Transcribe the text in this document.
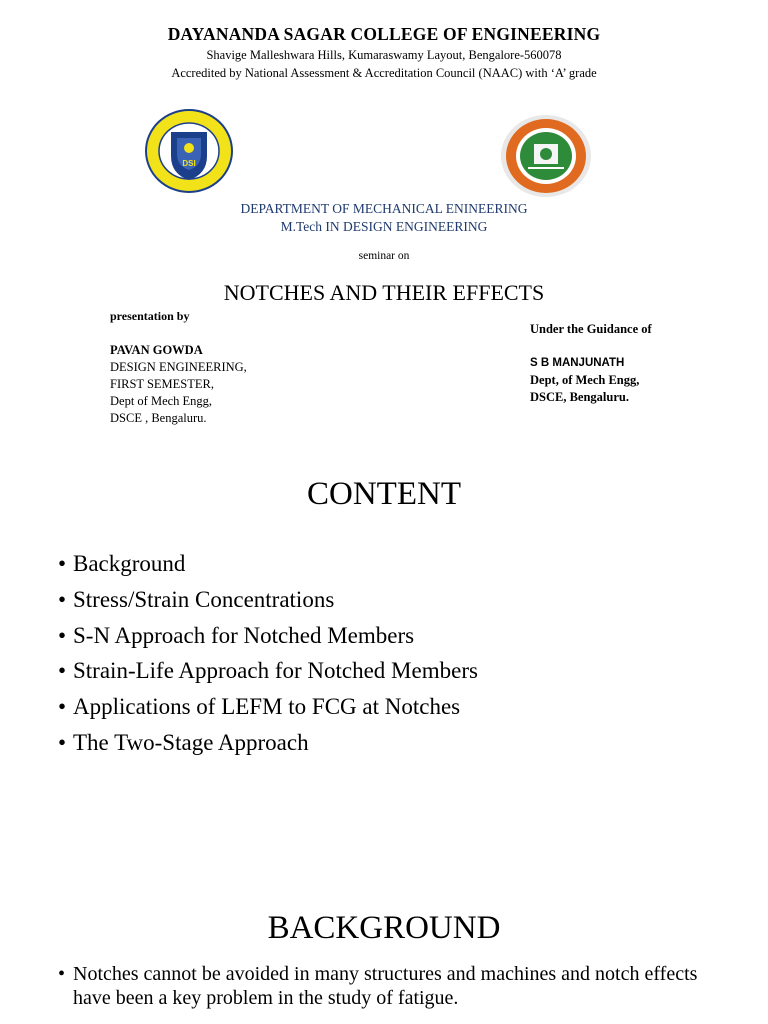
DAYANANDA SAGAR COLLEGE OF ENGINEERING
Shavige Malleshwara Hills, Kumaraswamy Layout, Bengalore-560078
Accredited by National Assessment & Accreditation Council (NAAC) with ‘A’ grade
DSI
DEPARTMENT OF MECHANICAL ENINEERING
M.Tech IN DESIGN ENGINEERING
seminar on
NOTCHES AND THEIR EFFECTS
presentation by
PAVAN GOWDA
DESIGN ENGINEERING,
FIRST SEMESTER,
Dept of Mech Engg,
DSCE , Bengaluru.
Under the Guidance of
S B MANJUNATH
Dept, of Mech Engg,
DSCE, Bengaluru.
CONTENT
• Background
• Stress/Strain Concentrations
• S-N Approach for Notched Members
• Strain-Life Approach for Notched Members
• Applications of LEFM to FCG at Notches
• The Two-Stage Approach
BACKGROUND
• Notches cannot be avoided in many structures and machines and notch effects have been a key problem in the study of fatigue.
